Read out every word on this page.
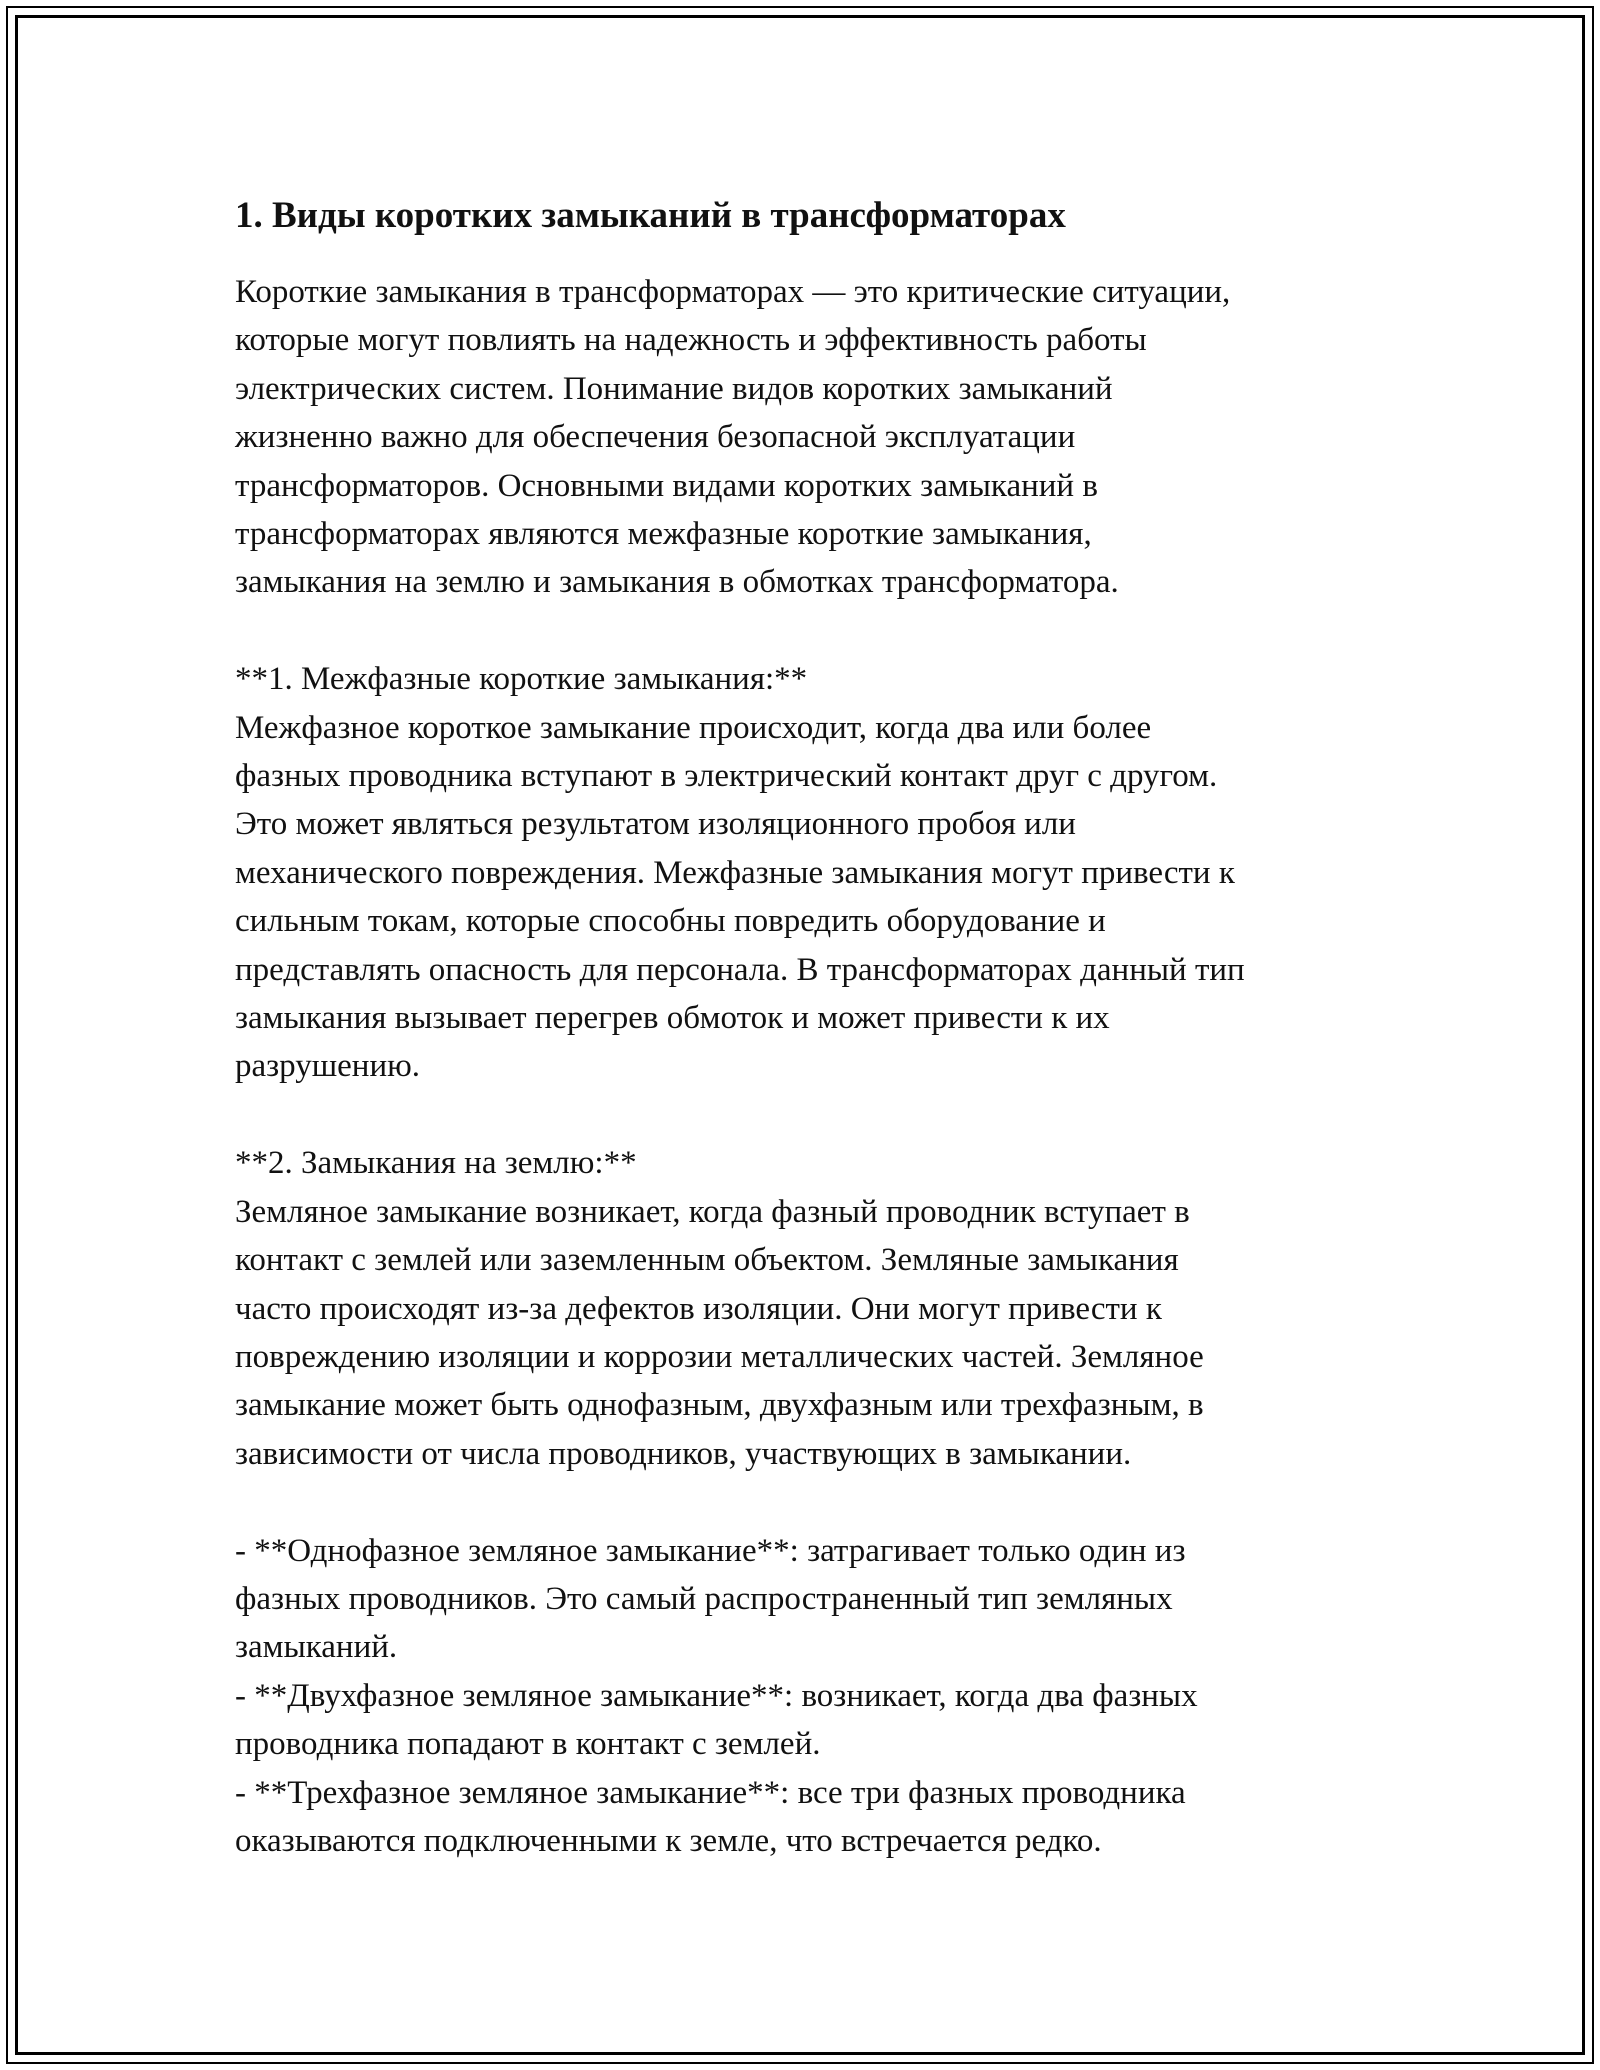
1. Виды коротких замыканий в трансформаторах

Короткие замыкания в трансформаторах — это критические ситуации,
которые могут повлиять на надежность и эффективность работы
электрических систем. Понимание видов коротких замыканий
жизненно важно для обеспечения безопасной эксплуатации
трансформаторов. Основными видами коротких замыканий в
трансформаторах являются межфазные короткие замыкания,
замыкания на землю и замыкания в обмотках трансформатора.

**1. Межфазные короткие замыкания:**

Межфазное короткое замыкание происходит, когда два или более
фазных проводника вступают в электрический контакт друг с другом.
Это может являться результатом изоляционного пробоя или
механического повреждения. Межфазные замыкания могут привести к
сильным токам, которые способны повредить оборудование и
представлять опасность для персонала. В трансформаторах данный тип
замыкания вызывает перегрев обмоток и может привести к их
разрушению.

**2. Замыкания на землю:**

Земляное замыкание возникает, когда фазный проводник вступает в
контакт с землей или заземленным объектом. Земляные замыкания
часто происходят из-за дефектов изоляции. Они могут привести к
повреждению изоляции и коррозии металлических частей. Земляное
замыкание может быть однофазным, двухфазным или трехфазным, в
зависимости от числа проводников, участвующих в замыкании.

- **Однофазное земляное замыкание**: затрагивает только один из
фазных проводников. Это самый распространенный тип земляных
замыканий.

- **Двухфазное земляное замыкание**: возникает, когда два фазных
проводника попадают в контакт с землей.

- **Трехфазное земляное замыкание**: все три фазных проводника
оказываются подключенными к земле, что встречается редко.
